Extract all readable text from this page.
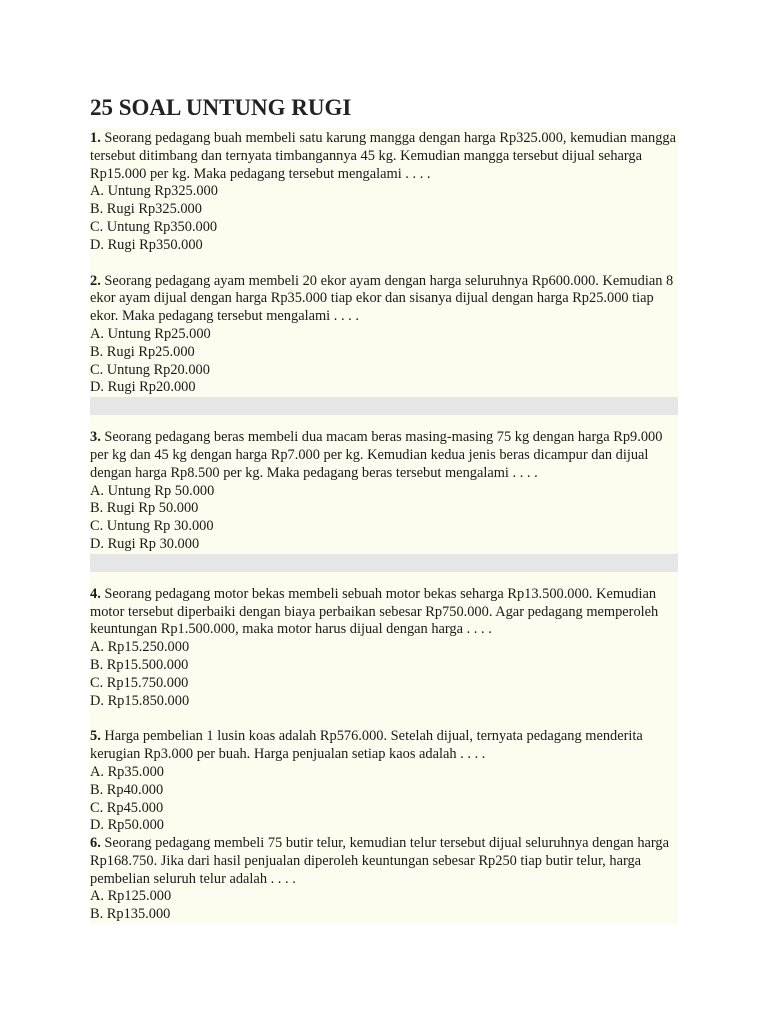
25 SOAL UNTUNG RUGI

1. Seorang pedagang buah membeli satu karung mangga dengan harga Rp325.000, kemudian mangga tersebut ditimbang dan ternyata timbangannya 45 kg. Kemudian mangga tersebut dijual seharga Rp15.000 per kg. Maka pedagang tersebut mengalami . . . .

A. Untung Rp325.000
B. Rugi Rp325.000
C. Untung Rp350.000
D. Rugi Rp350.000

2. Seorang pedagang ayam membeli 20 ekor ayam dengan harga seluruhnya Rp600.000. Kemudian 8 ekor ayam dijual dengan harga Rp35.000 tiap ekor dan sisanya dijual dengan harga Rp25.000 tiap ekor. Maka pedagang tersebut mengalami . . . .

A. Untung Rp25.000
B. Rugi Rp25.000
C. Untung Rp20.000
D. Rugi Rp20.000

3. Seorang pedagang beras membeli dua macam beras masing-masing 75 kg dengan harga Rp9.000 per kg dan 45 kg dengan harga Rp7.000 per kg. Kemudian kedua jenis beras dicampur dan dijual dengan harga Rp8.500 per kg. Maka pedagang beras tersebut mengalami . . . .

A. Untung Rp 50.000
B. Rugi Rp 50.000
C. Untung Rp 30.000
D. Rugi Rp 30.000

4. Seorang pedagang motor bekas membeli sebuah motor bekas seharga Rp13.500.000. Kemudian motor tersebut diperbaiki dengan biaya perbaikan sebesar Rp750.000. Agar pedagang memperoleh keuntungan Rp1.500.000, maka motor harus dijual dengan harga . . . .

A. Rp15.250.000
B. Rp15.500.000
C. Rp15.750.000
D. Rp15.850.000

5. Harga pembelian 1 lusin koas adalah Rp576.000. Setelah dijual, ternyata pedagang menderita kerugian Rp3.000 per buah. Harga penjualan setiap kaos adalah . . . .

A. Rp35.000
B. Rp40.000
C. Rp45.000
D. Rp50.000

6. Seorang pedagang membeli 75 butir telur, kemudian telur tersebut dijual seluruhnya dengan harga Rp168.750. Jika dari hasil penjualan diperoleh keuntungan sebesar Rp250 tiap butir telur, harga pembelian seluruh telur adalah . . . .

A. Rp125.000
B. Rp135.000
